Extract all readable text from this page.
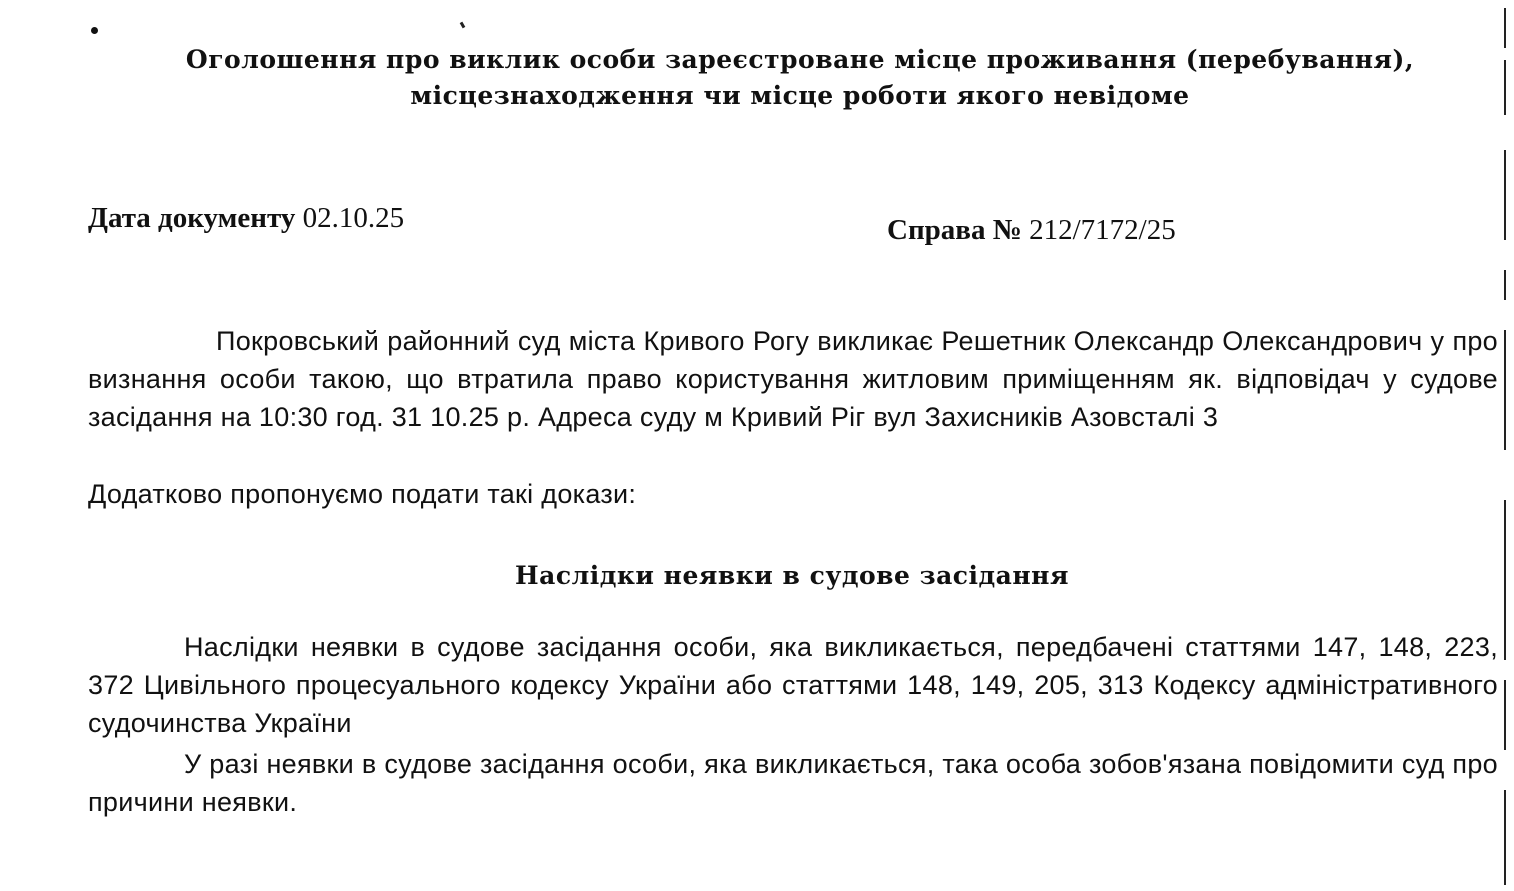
Оголошення про виклик особи зареєстроване місце проживання (перебування),
місцезнаходження чи місце роботи якого невідоме
Дата документу 02.10.25	Справа № 212/7172/25
Покровський районний суд міста Кривого Рогу викликає Решетник Олександр Олександрович у про визнання особи такою, що втратила право користування житловим приміщенням як. відповідач у судове засідання на 10:30 год. 31 10.25 р. Адреса суду м Кривий Ріг вул Захисників Азовсталі 3
Додатково пропонуємо подати такі докази:
Наслідки неявки в судове засідання
Наслідки неявки в судове засідання особи, яка викликається, передбачені статтями 147, 148, 223, 372 Цивільного процесуального кодексу України або статтями 148, 149, 205, 313 Кодексу адміністративного судочинства України
У разі неявки в судове засідання особи, яка викликається, така особа зобов'язана повідомити суд про причини неявки.
